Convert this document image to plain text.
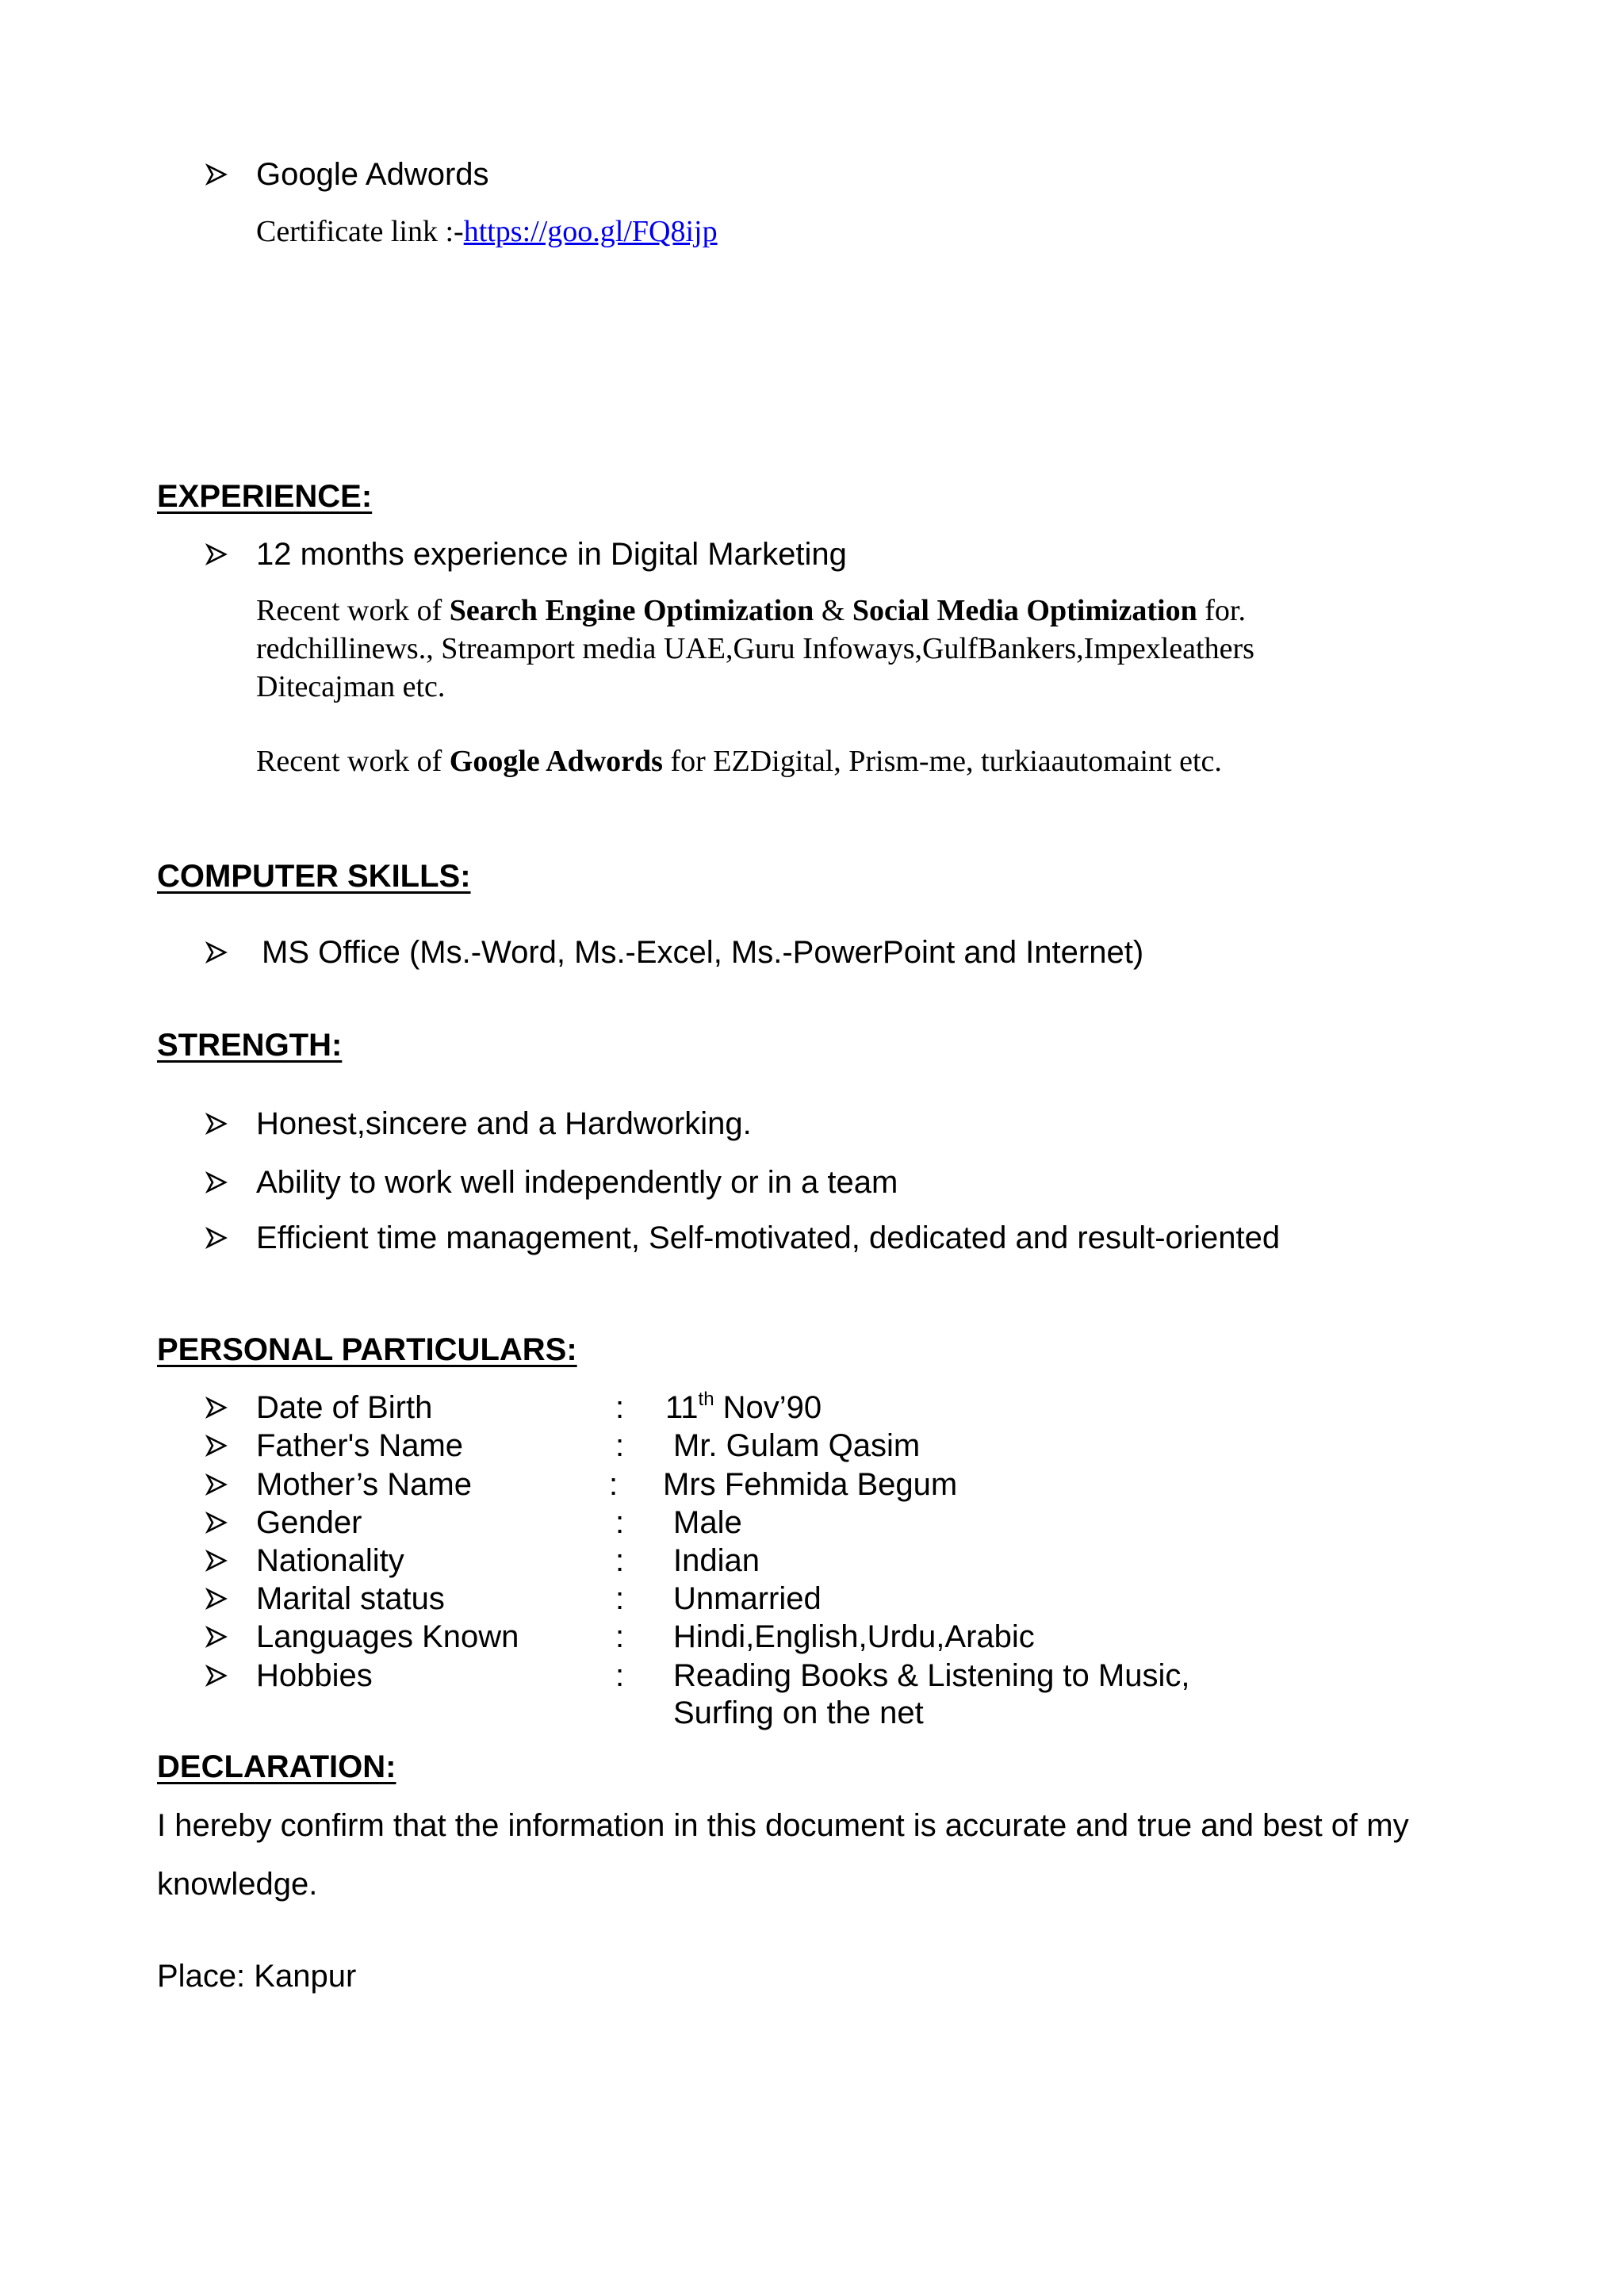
Google Adwords
Certificate link :-https://goo.gl/FQ8ijp
EXPERIENCE:
12 months experience in Digital Marketing
Recent work of Search Engine Optimization & Social Media Optimization for.
redchillinews., Streamport media UAE,Guru Infoways,GulfBankers,Impexleathers
Ditecajman etc.
Recent work of Google Adwords for EZDigital, Prism-me, turkiaautomaint etc.
COMPUTER SKILLS:
MS Office (Ms.-Word, Ms.-Excel, Ms.-PowerPoint and Internet)
STRENGTH:
Honest,sincere and a Hardworking.
Ability to work well independently or in a team
Efficient time management, Self-motivated, dedicated and result-oriented
PERSONAL PARTICULARS:
Date of Birth	: 11th Nov’90
Father's Name	: Mr. Gulam Qasim
Mother’s Name	: Mrs Fehmida Begum
Gender	: Male
Nationality	: Indian
Marital status	: Unmarried
Languages Known	: Hindi,English,Urdu,Arabic
Hobbies	: Reading Books & Listening to Music,
Surfing on the net
DECLARATION:
I hereby confirm that the information in this document is accurate and true and best of my
knowledge.
Place: Kanpur
